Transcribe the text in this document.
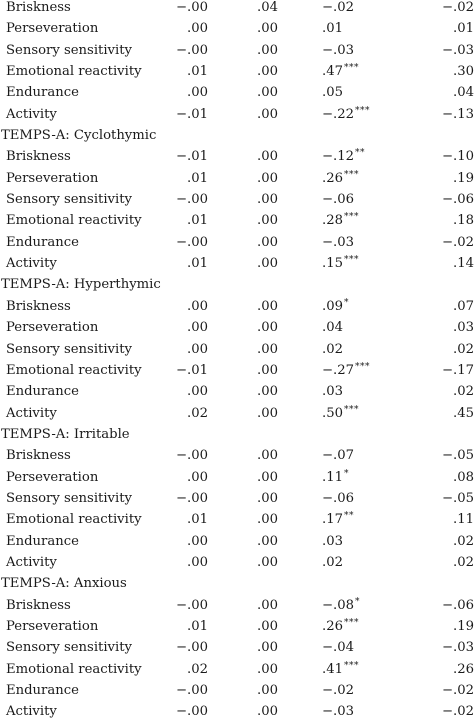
Briskness	−.00	.04	−.02	−.02
Perseveration	.00	.00	.01	.01
Sensory sensitivity	−.00	.00	−.03	−.03
Emotional reactivity	.01	.00	.47***	.30
Endurance	.00	.00	.05	.04
Activity	−.01	.00	−.22***	−.13
TEMPS-A: Cyclothymic
Briskness	−.01	.00	−.12**	−.10
Perseveration	.01	.00	.26***	.19
Sensory sensitivity	−.00	.00	−.06	−.06
Emotional reactivity	.01	.00	.28***	.18
Endurance	−.00	.00	−.03	−.02
Activity	.01	.00	.15***	.14
TEMPS-A: Hyperthymic
Briskness	.00	.00	.09*	.07
Perseveration	.00	.00	.04	.03
Sensory sensitivity	.00	.00	.02	.02
Emotional reactivity	−.01	.00	−.27***	−.17
Endurance	.00	.00	.03	.02
Activity	.02	.00	.50***	.45
TEMPS-A: Irritable
Briskness	−.00	.00	−.07	−.05
Perseveration	.00	.00	.11*	.08
Sensory sensitivity	−.00	.00	−.06	−.05
Emotional reactivity	.01	.00	.17**	.11
Endurance	.00	.00	.03	.02
Activity	.00	.00	.02	.02
TEMPS-A: Anxious
Briskness	−.00	.00	−.08*	−.06
Perseveration	.01	.00	.26***	.19
Sensory sensitivity	−.00	.00	−.04	−.03
Emotional reactivity	.02	.00	.41***	.26
Endurance	−.00	.00	−.02	−.02
Activity	−.00	.00	−.03	−.02
